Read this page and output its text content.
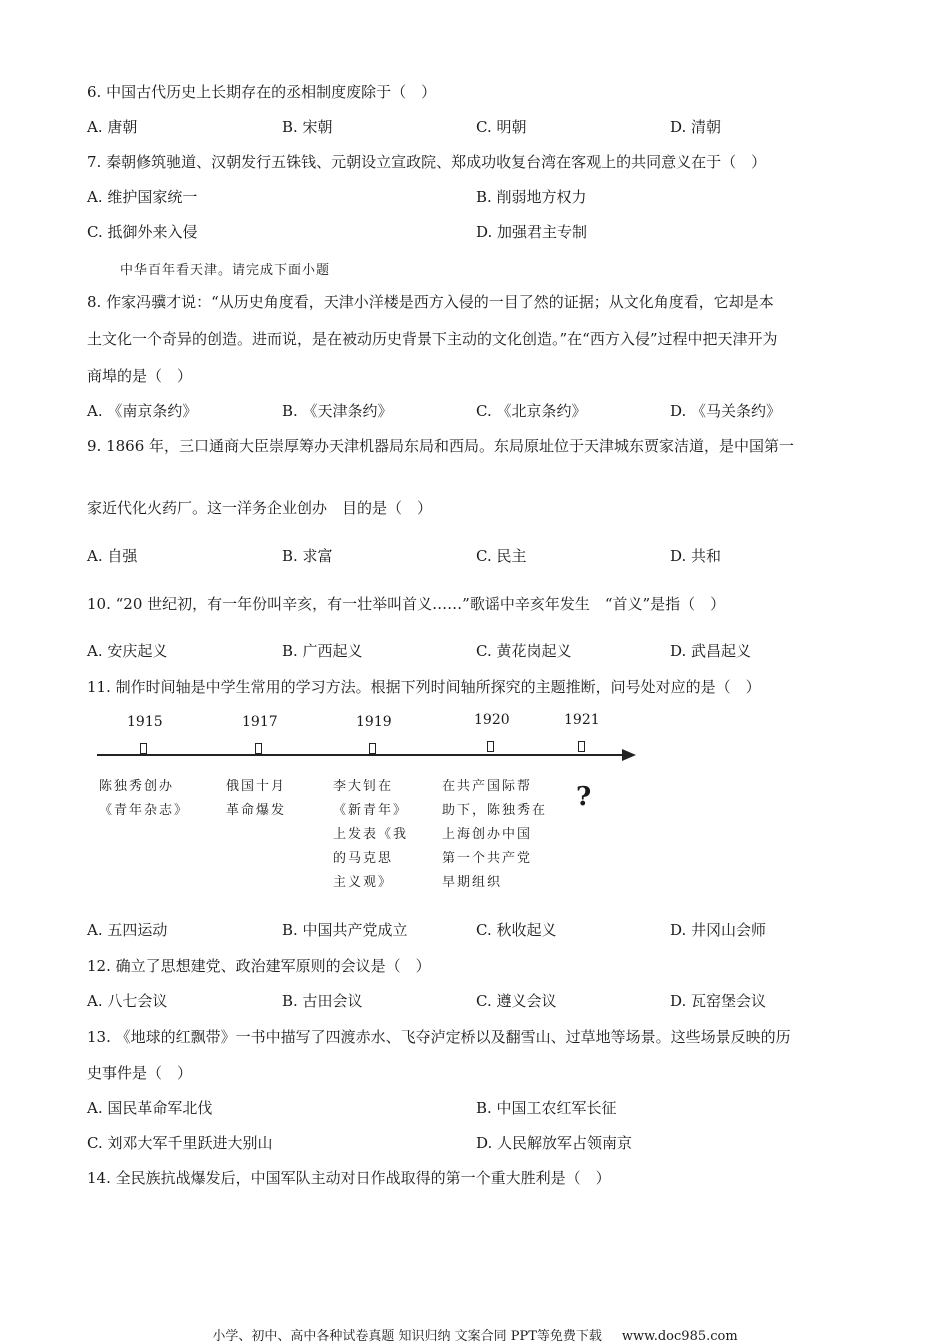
6. 中国古代历史上长期存在的丞相制度废除于（　）
A. 唐朝	B. 宋朝	C. 明朝	D. 清朝
7. 秦朝修筑驰道、汉朝发行五铢钱、元朝设立宣政院、郑成功收复台湾在客观上的共同意义在于（　）
A. 维护国家统一	B. 削弱地方权力
C. 抵御外来入侵	D. 加强君主专制
中华百年看天津。请完成下面小题
8. 作家冯骥才说：“从历史角度看，天津小洋楼是西方入侵的一目了然的证据；从文化角度看，它却是本
土文化一个奇异的创造。进而说，是在被动历史背景下主动的文化创造。”在“西方入侵”过程中把天津开为
商埠的是（　）
A. 《南京条约》	B. 《天津条约》	C. 《北京条约》	D. 《马关条约》
9. 1866 年，三口通商大臣崇厚筹办天津机器局东局和西局。东局原址位于天津城东贾家洁道，是中国第一
家近代化火药厂。这一洋务企业创办　目的是（　）
A. 自强	B. 求富	C. 民主	D. 共和
10. “20 世纪初，有一年份叫辛亥，有一壮举叫首义……”歌谣中辛亥年发生　“首义”是指（　）
A. 安庆起义	B. 广西起义	C. 黄花岗起义	D. 武昌起义
11. 制作时间轴是中学生常用的学习方法。根据下列时间轴所探究的主题推断，问号处对应的是（　）
1915	1917	1919	1920	1921
陈独秀创办
《青年杂志》
俄国十月
革命爆发
李大钊在
《新青年》
上发表《我
的马克思
主义观》
在共产国际帮
助下，陈独秀在
上海创办中国
第一个共产党
早期组织
?
A. 五四运动	B. 中国共产党成立	C. 秋收起义	D. 井冈山会师
12. 确立了思想建党、政治建军原则的会议是（　）
A. 八七会议	B. 古田会议	C. 遵义会议	D. 瓦窑堡会议
13. 《地球的红飘带》一书中描写了四渡赤水、飞夺泸定桥以及翻雪山、过草地等场景。这些场景反映的历
史事件是（　）
A. 国民革命军北伐	B. 中国工农红军长征
C. 刘邓大军千里跃进大别山	D. 人民解放军占领南京
14. 全民族抗战爆发后，中国军队主动对日作战取得的第一个重大胜利是（　）
小学、初中、高中各种试卷真题 知识归纳 文案合同 PPT等免费下载 www.doc985.com
